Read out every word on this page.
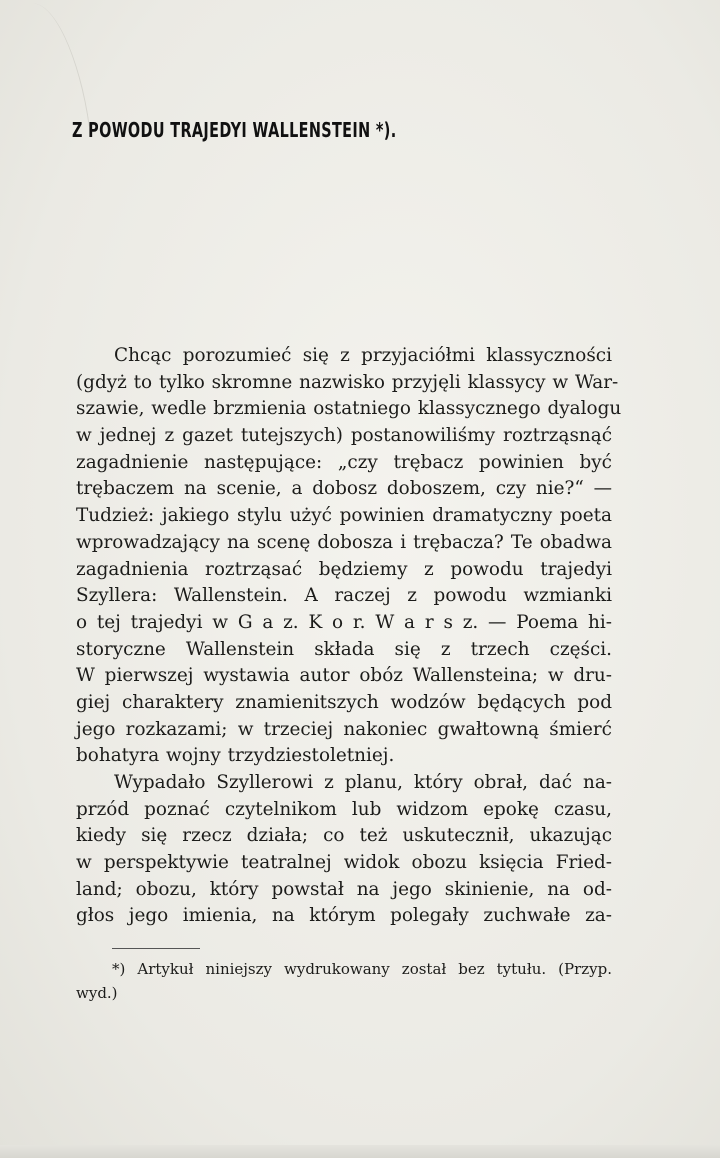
Z POWODU TRAJEDYI WALLENSTEIN *).
Chcąc porozumieć się z przyjaciółmi klassyczności
(gdyż to tylko skromne nazwisko przyjęli klassycy w War-
szawie, wedle brzmienia ostatniego klassycznego dyalogu
w jednej z gazet tutejszych) postanowiliśmy roztrząsnąć
zagadnienie następujące: „czy trębacz powinien być
trębaczem na scenie, a dobosz doboszem, czy nie?“ —
Tudzież: jakiego stylu użyć powinien dramatyczny poeta
wprowadzający na scenę dobosza i trębacza? Te obadwa
zagadnienia roztrząsać będziemy z powodu trajedyi
Szyllera: Wallenstein. A raczej z powodu wzmianki
o tej trajedyi w G a z. K o r. W a r s z. — Poema hi-
storyczne Wallenstein składa się z trzech części.
W pierwszej wystawia autor obóz Wallensteina; w dru-
giej charaktery znamienitszych wodzów będących pod
jego rozkazami; w trzeciej nakoniec gwałtowną śmierć
bohatyra wojny trzydziestoletniej.
Wypadało Szyllerowi z planu, który obrał, dać na-
przód poznać czytelnikom lub widzom epokę czasu,
kiedy się rzecz działa; co też uskutecznił, ukazując
w perspektywie teatralnej widok obozu księcia Fried-
land; obozu, który powstał na jego skinienie, na od-
głos jego imienia, na którym polegały zuchwałe za-
*) Artykuł niniejszy wydrukowany został bez tytułu. (Przyp.
wyd.)
